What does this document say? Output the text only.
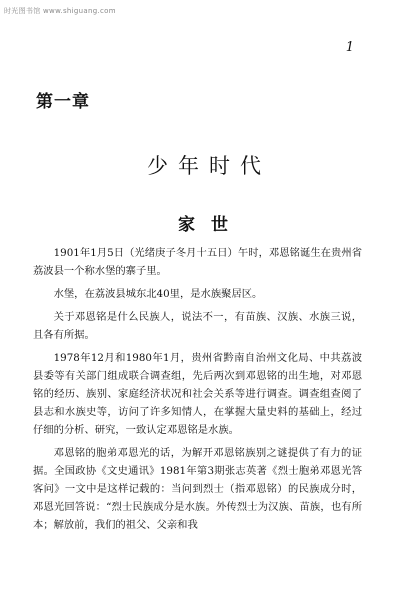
时光图书馆 www.shiguang.com
1
第一章
少年时代
家世

1901年1月5日（光绪庚子冬月十五日）午时，邓恩铭诞生在贵州省荔波县一个称水堡的寨子里。

水堡，在荔波县城东北40里，是水族聚居区。

关于邓恩铭是什么民族人，说法不一，有苗族、汉族、水族三说，且各有所据。

1978年12月和1980年1月，贵州省黔南自治州文化局、中共荔波县委等有关部门组成联合调查组，先后两次到邓恩铭的出生地，对邓恩铭的经历、族别、家庭经济状况和社会关系等进行调查。调查组查阅了县志和水族史等，访问了许多知情人，在掌握大量史料的基础上，经过仔细的分析、研究，一致认定邓恩铭是水族。

邓恩铭的胞弟邓恩光的话，为解开邓恩铭族别之谜提供了有力的证据。全国政协《文史通讯》1981年第3期张志英著《烈士胞弟邓恩光答客问》一文中是这样记载的：当问到烈士（指邓恩铭）的民族成分时，邓恩光回答说：“烈士民族成分是水族。外传烈士为汉族、苗族，也有所本；解放前，我们的祖父、父亲和我
